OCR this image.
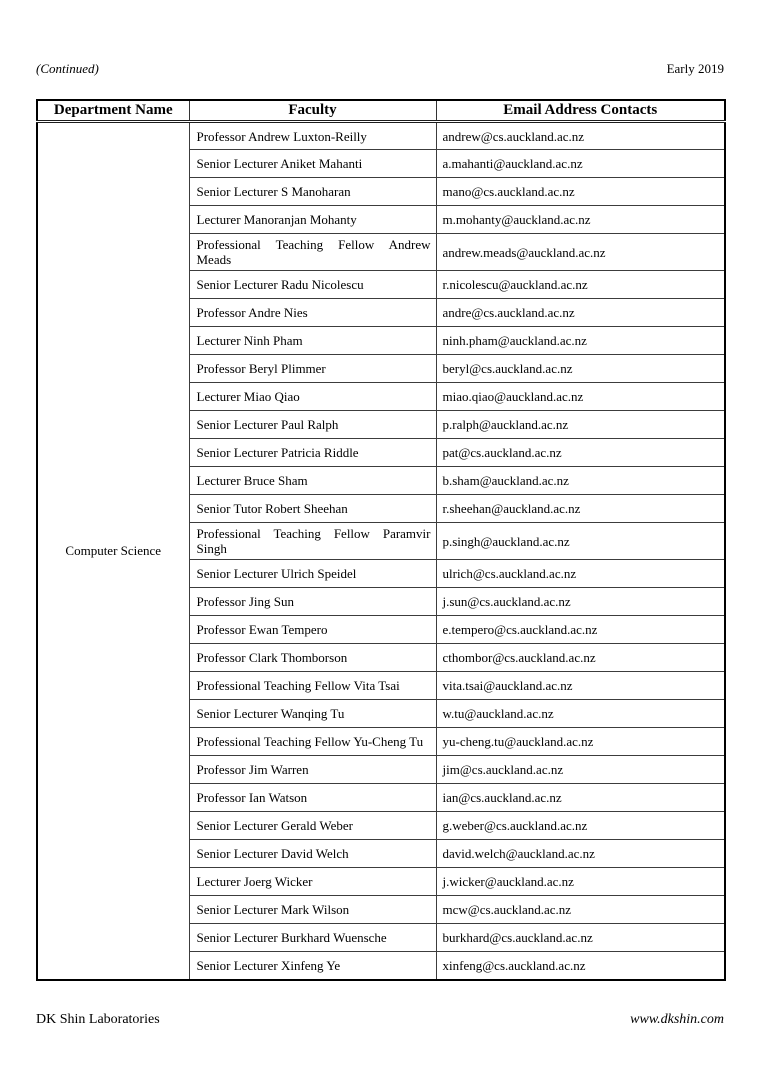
(Continued)	Early 2019
Department Name	Faculty	Email Address Contacts
Computer Science	Professor Andrew Luxton-Reilly	andrew@cs.auckland.ac.nz
	Senior Lecturer Aniket Mahanti	a.mahanti@auckland.ac.nz
	Senior Lecturer S Manoharan	mano@cs.auckland.ac.nz
	Lecturer Manoranjan Mohanty	m.mohanty@auckland.ac.nz
	Professional Teaching Fellow Andrew Meads	andrew.meads@auckland.ac.nz
	Senior Lecturer Radu Nicolescu	r.nicolescu@auckland.ac.nz
	Professor Andre Nies	andre@cs.auckland.ac.nz
	Lecturer Ninh Pham	ninh.pham@auckland.ac.nz
	Professor Beryl Plimmer	beryl@cs.auckland.ac.nz
	Lecturer Miao Qiao	miao.qiao@auckland.ac.nz
	Senior Lecturer Paul Ralph	p.ralph@auckland.ac.nz
	Senior Lecturer Patricia Riddle	pat@cs.auckland.ac.nz
	Lecturer Bruce Sham	b.sham@auckland.ac.nz
	Senior Tutor Robert Sheehan	r.sheehan@auckland.ac.nz
	Professional Teaching Fellow Paramvir Singh	p.singh@auckland.ac.nz
	Senior Lecturer Ulrich Speidel	ulrich@cs.auckland.ac.nz
	Professor Jing Sun	j.sun@cs.auckland.ac.nz
	Professor Ewan Tempero	e.tempero@cs.auckland.ac.nz
	Professor Clark Thomborson	cthombor@cs.auckland.ac.nz
	Professional Teaching Fellow Vita Tsai	vita.tsai@auckland.ac.nz
	Senior Lecturer Wanqing Tu	w.tu@auckland.ac.nz
	Professional Teaching Fellow Yu-Cheng Tu	yu-cheng.tu@auckland.ac.nz
	Professor Jim Warren	jim@cs.auckland.ac.nz
	Professor Ian Watson	ian@cs.auckland.ac.nz
	Senior Lecturer Gerald Weber	g.weber@cs.auckland.ac.nz
	Senior Lecturer David Welch	david.welch@auckland.ac.nz
	Lecturer Joerg Wicker	j.wicker@auckland.ac.nz
	Senior Lecturer Mark Wilson	mcw@cs.auckland.ac.nz
	Senior Lecturer Burkhard Wuensche	burkhard@cs.auckland.ac.nz
	Senior Lecturer Xinfeng Ye	xinfeng@cs.auckland.ac.nz
DK Shin Laboratories	www.dkshin.com
